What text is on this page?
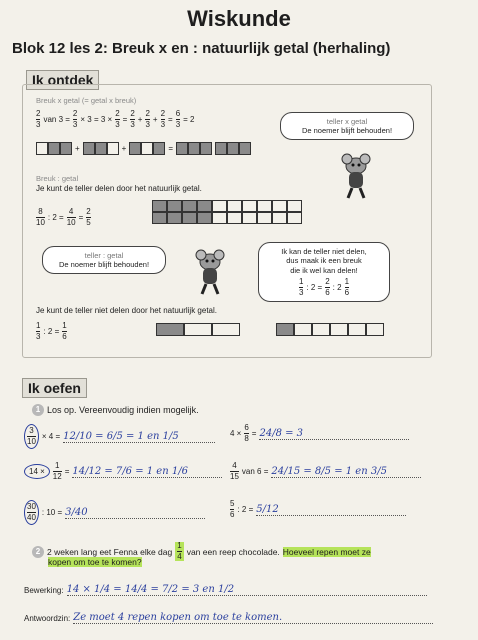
Wiskunde
Blok 12 les 2: Breuk x en : natuurlijk getal (herhaling)
Ik ontdek
Breuk x getal (= getal x breuk)
$\frac{2}{3}$ van $3 = \frac{2}{3} \times 3 = 3 \times \frac{2}{3} = \frac{2}{3} + \frac{2}{3} + \frac{2}{3} = \frac{6}{3} = 2$
+	+	=
teller x getal
De noemer blijft behouden!
Breuk : getal
Je kunt de teller delen door het natuurlijk getal.
$\frac{8}{10}$ : $2 = \frac{4}{10} = \frac{2}{5}$
teller : getal
De noemer blijft behouden!
Ik kan de teller niet delen,
dus maak ik een breuk
die ik wel kan delen!
$\frac{1}{3}$ : $2 = \frac{2}{6}$ : $2 \frac{1}{6}$
Je kunt de teller niet delen door het natuurlijk getal.
$\frac{1}{3}$ : $2 = \frac{1}{6}$
Ik oefen
1 Los op. Vereenvoudig indien mogelijk.
$\frac{3}{10} \times 4 = 12/10 = 6/5 = 1$ en 1/5
14 ×	$\frac{1}{12} = 14/12 = 7/6 = 1$ en 1/6
$\frac{30}{40}$ : 10 = 3/40
$4 \times \frac{6}{8} = 24/8 = 3$
$\frac{4}{15}$ van 6 = 24/15 = 8/5 = 1 en 3/5
$\frac{5}{6}$ : 2 = 5/12
2 2 weken lang eet Fenna elke dag $\frac{1}{4}$ van een reep chocolade. Hoeveel repen moet ze
kopen om toe te komen?
Bewerking: 14 × 1/4 = 14/4 = 7/2 = 3 en 1/2
Antwoordzin: Ze moet 4 repen kopen om toe te komen.
